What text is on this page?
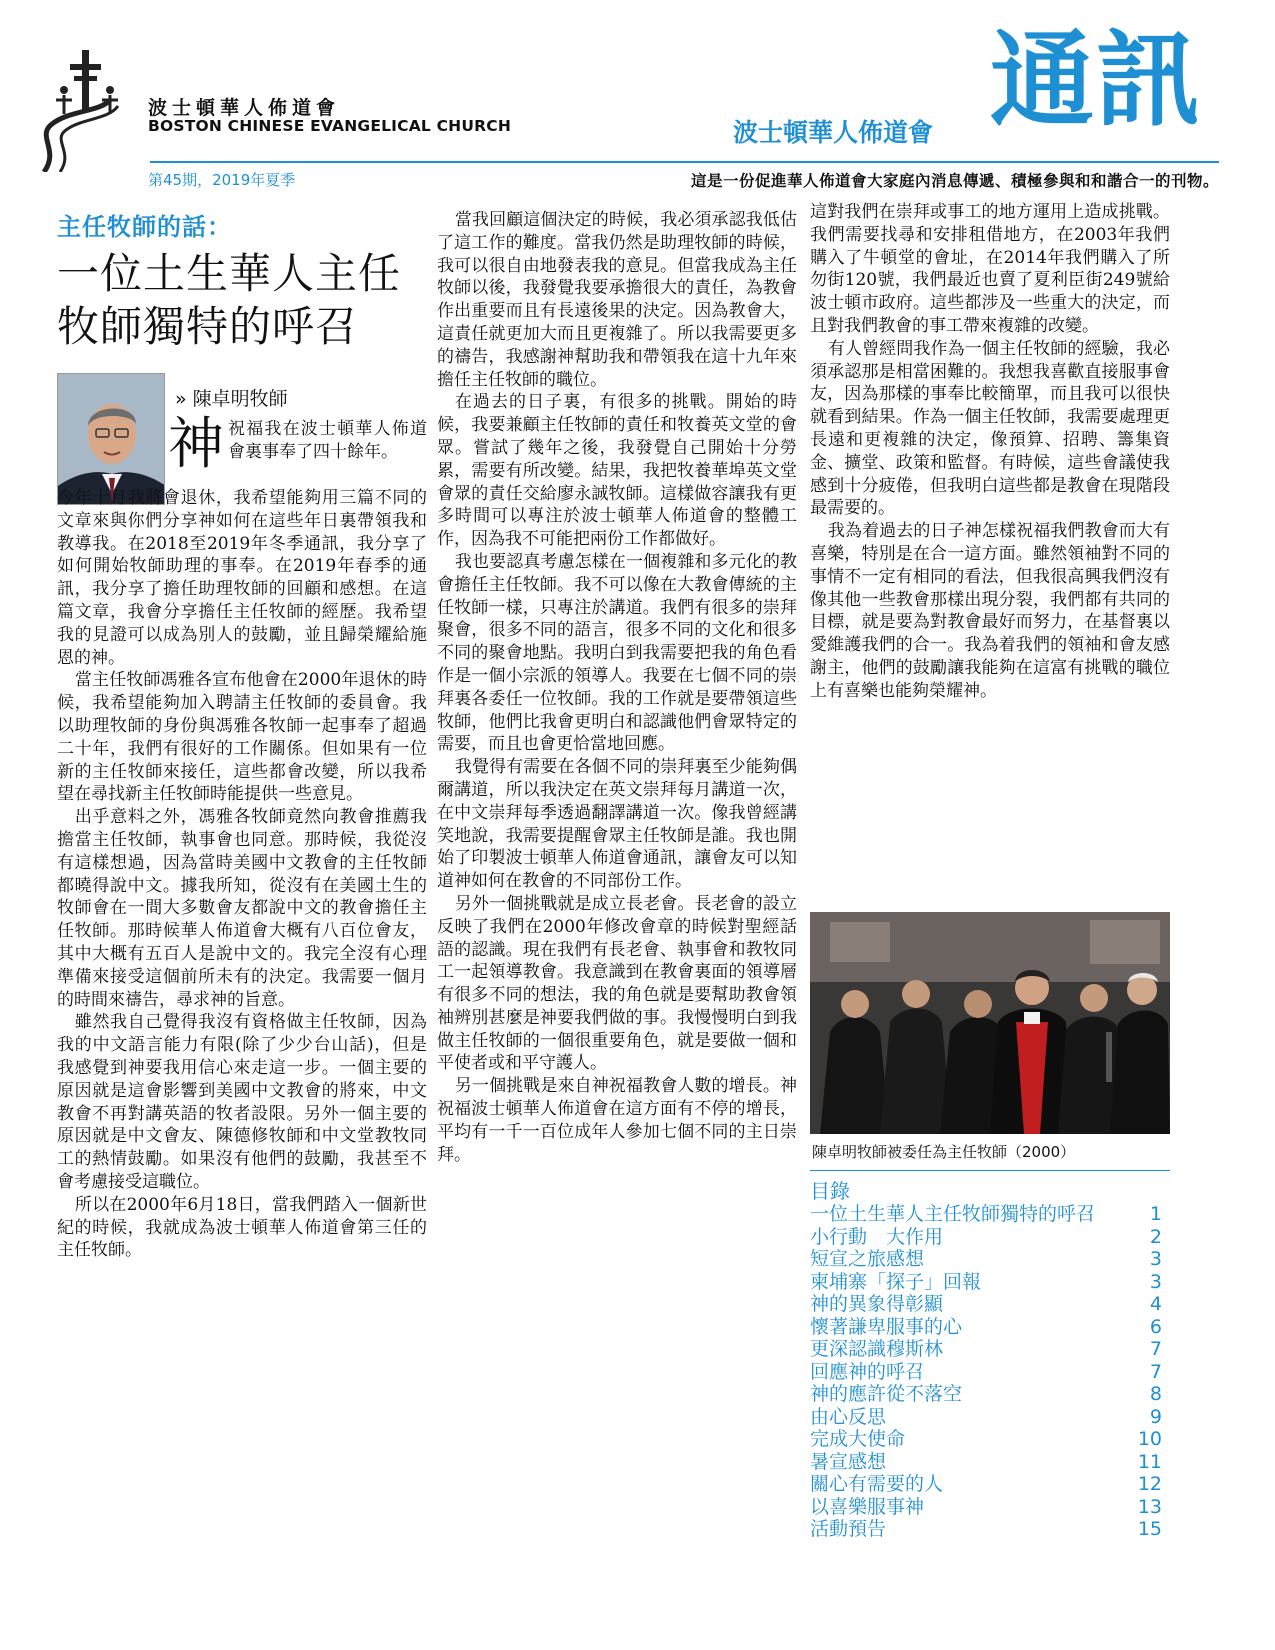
波士頓華人佈道會
BOSTON CHINESE EVANGELICAL CHURCH	波士頓華人佈道會 通訊
第45期，2019年夏季	這是一份促進華人佈道會大家庭內消息傳遞、積極參與和和諧合一的刊物。
主任牧師的話：
一位土生華人主任
牧師獨特的呼召
» 陳卓明牧師
神 祝福我在波士頓華人佈道會裏事奉了四十餘年。

今年十月我將會退休，我希望能夠用三篇不同的文章來與你們分享神如何在這些年日裏帶領我和教導我。在2018至2019年冬季通訊，我分享了如何開始牧師助理的事奉。在2019年春季的通訊，我分享了擔任助理牧師的回顧和感想。在這篇文章，我會分享擔任主任牧師的經歷。我希望我的見證可以成為別人的鼓勵，並且歸榮耀給施恩的神。

當主任牧師馮雅各宣布他會在2000年退休的時候，我希望能夠加入聘請主任牧師的委員會。我以助理牧師的身份與馮雅各牧師一起事奉了超過二十年，我們有很好的工作關係。但如果有一位新的主任牧師來接任，這些都會改變，所以我希望在尋找新主任牧師時能提供一些意見。

出乎意料之外，馮雅各牧師竟然向教會推薦我擔當主任牧師，執事會也同意。那時候，我從沒有這樣想過，因為當時美國中文教會的主任牧師都曉得說中文。據我所知，從沒有在美國土生的牧師會在一間大多數會友都說中文的教會擔任主任牧師。那時候華人佈道會大概有八百位會友，其中大概有五百人是說中文的。我完全沒有心理準備來接受這個前所未有的決定。我需要一個月的時間來禱告，尋求神的旨意。

雖然我自己覺得我沒有資格做主任牧師，因為我的中文語言能力有限(除了少少台山話)，但是我感覺到神要我用信心來走這一步。一個主要的原因就是這會影響到美國中文教會的將來，中文教會不再對講英語的牧者設限。另外一個主要的原因就是中文會友、陳德修牧師和中文堂教牧同工的熱情鼓勵。如果沒有他們的鼓勵，我甚至不會考慮接受這職位。

所以在2000年6月18日，當我們踏入一個新世紀的時候，我就成為波士頓華人佈道會第三任的主任牧師。

當我回顧這個決定的時候，我必須承認我低估了這工作的難度。當我仍然是助理牧師的時候，我可以很自由地發表我的意見。但當我成為主任牧師以後，我發覺我要承擔很大的責任，為教會作出重要而且有長遠後果的決定。因為教會大，這責任就更加大而且更複雜了。所以我需要更多的禱告，我感謝神幫助我和帶領我在這十九年來擔任主任牧師的職位。

在過去的日子裏，有很多的挑戰。開始的時候，我要兼顧主任牧師的責任和牧養英文堂的會眾。嘗試了幾年之後，我發覺自己開始十分勞累，需要有所改變。結果，我把牧養華埠英文堂會眾的責任交給廖永誠牧師。這樣做容讓我有更多時間可以專注於波士頓華人佈道會的整體工作，因為我不可能把兩份工作都做好。

我也要認真考慮怎樣在一個複雜和多元化的教會擔任主任牧師。我不可以像在大教會傳統的主任牧師一樣，只專注於講道。我們有很多的崇拜聚會，很多不同的語言，很多不同的文化和很多不同的聚會地點。我明白到我需要把我的角色看作是一個小宗派的領導人。我要在七個不同的崇拜裏各委任一位牧師。我的工作就是要帶領這些牧師，他們比我會更明白和認識他們會眾特定的需要，而且也會更恰當地回應。

我覺得有需要在各個不同的崇拜裏至少能夠偶爾講道，所以我決定在英文崇拜每月講道一次，在中文崇拜每季透過翻譯講道一次。像我曾經講笑地說，我需要提醒會眾主任牧師是誰。我也開始了印製波士頓華人佈道會通訊，讓會友可以知道神如何在教會的不同部份工作。

另外一個挑戰就是成立長老會。長老會的設立反映了我們在2000年修改會章的時候對聖經話語的認識。現在我們有長老會、執事會和教牧同工一起領導教會。我意識到在教會裏面的領導層有很多不同的想法，我的角色就是要幫助教會領袖辨別甚麼是神要我們做的事。我慢慢明白到我做主任牧師的一個很重要角色，就是要做一個和平使者或和平守護人。

另一個挑戰是來自神祝福教會人數的增長。神祝福波士頓華人佈道會在這方面有不停的增長，平均有一千一百位成年人參加七個不同的主日崇拜。

這對我們在崇拜或事工的地方運用上造成挑戰。我們需要找尋和安排租借地方，在2003年我們購入了牛頓堂的會址，在2014年我們購入了所勿街120號，我們最近也賣了夏利臣街249號給波士頓市政府。這些都涉及一些重大的決定，而且對我們教會的事工帶來複雜的改變。

有人曾經問我作為一個主任牧師的經驗，我必須承認那是相當困難的。我想我喜歡直接服事會友，因為那樣的事奉比較簡單，而且我可以很快就看到結果。作為一個主任牧師，我需要處理更長遠和更複雜的決定，像預算、招聘、籌集資金、擴堂、政策和監督。有時候，這些會議使我感到十分疲倦，但我明白這些都是教會在現階段最需要的。

我為着過去的日子神怎樣祝福我們教會而大有喜樂，特別是在合一這方面。雖然領袖對不同的事情不一定有相同的看法，但我很高興我們沒有像其他一些教會那樣出現分裂，我們都有共同的目標，就是要為對教會最好而努力，在基督裏以愛維護我們的合一。我為着我們的領袖和會友感謝主，他們的鼓勵讓我能夠在這富有挑戰的職位上有喜樂也能夠榮耀神。

陳卓明牧師被委任為主任牧師（2000）
目錄
一位土生華人主任牧師獨特的呼召	1
小行動　大作用	2
短宣之旅感想	3
柬埔寨「探子」回報	3
神的異象得彰顯	4
懷著謙卑服事的心	6
更深認識穆斯林	7
回應神的呼召	7
神的應許從不落空	8
由心反思	9
完成大使命	10
暑宣感想	11
關心有需要的人	12
以喜樂服事神	13
活動預告	15
